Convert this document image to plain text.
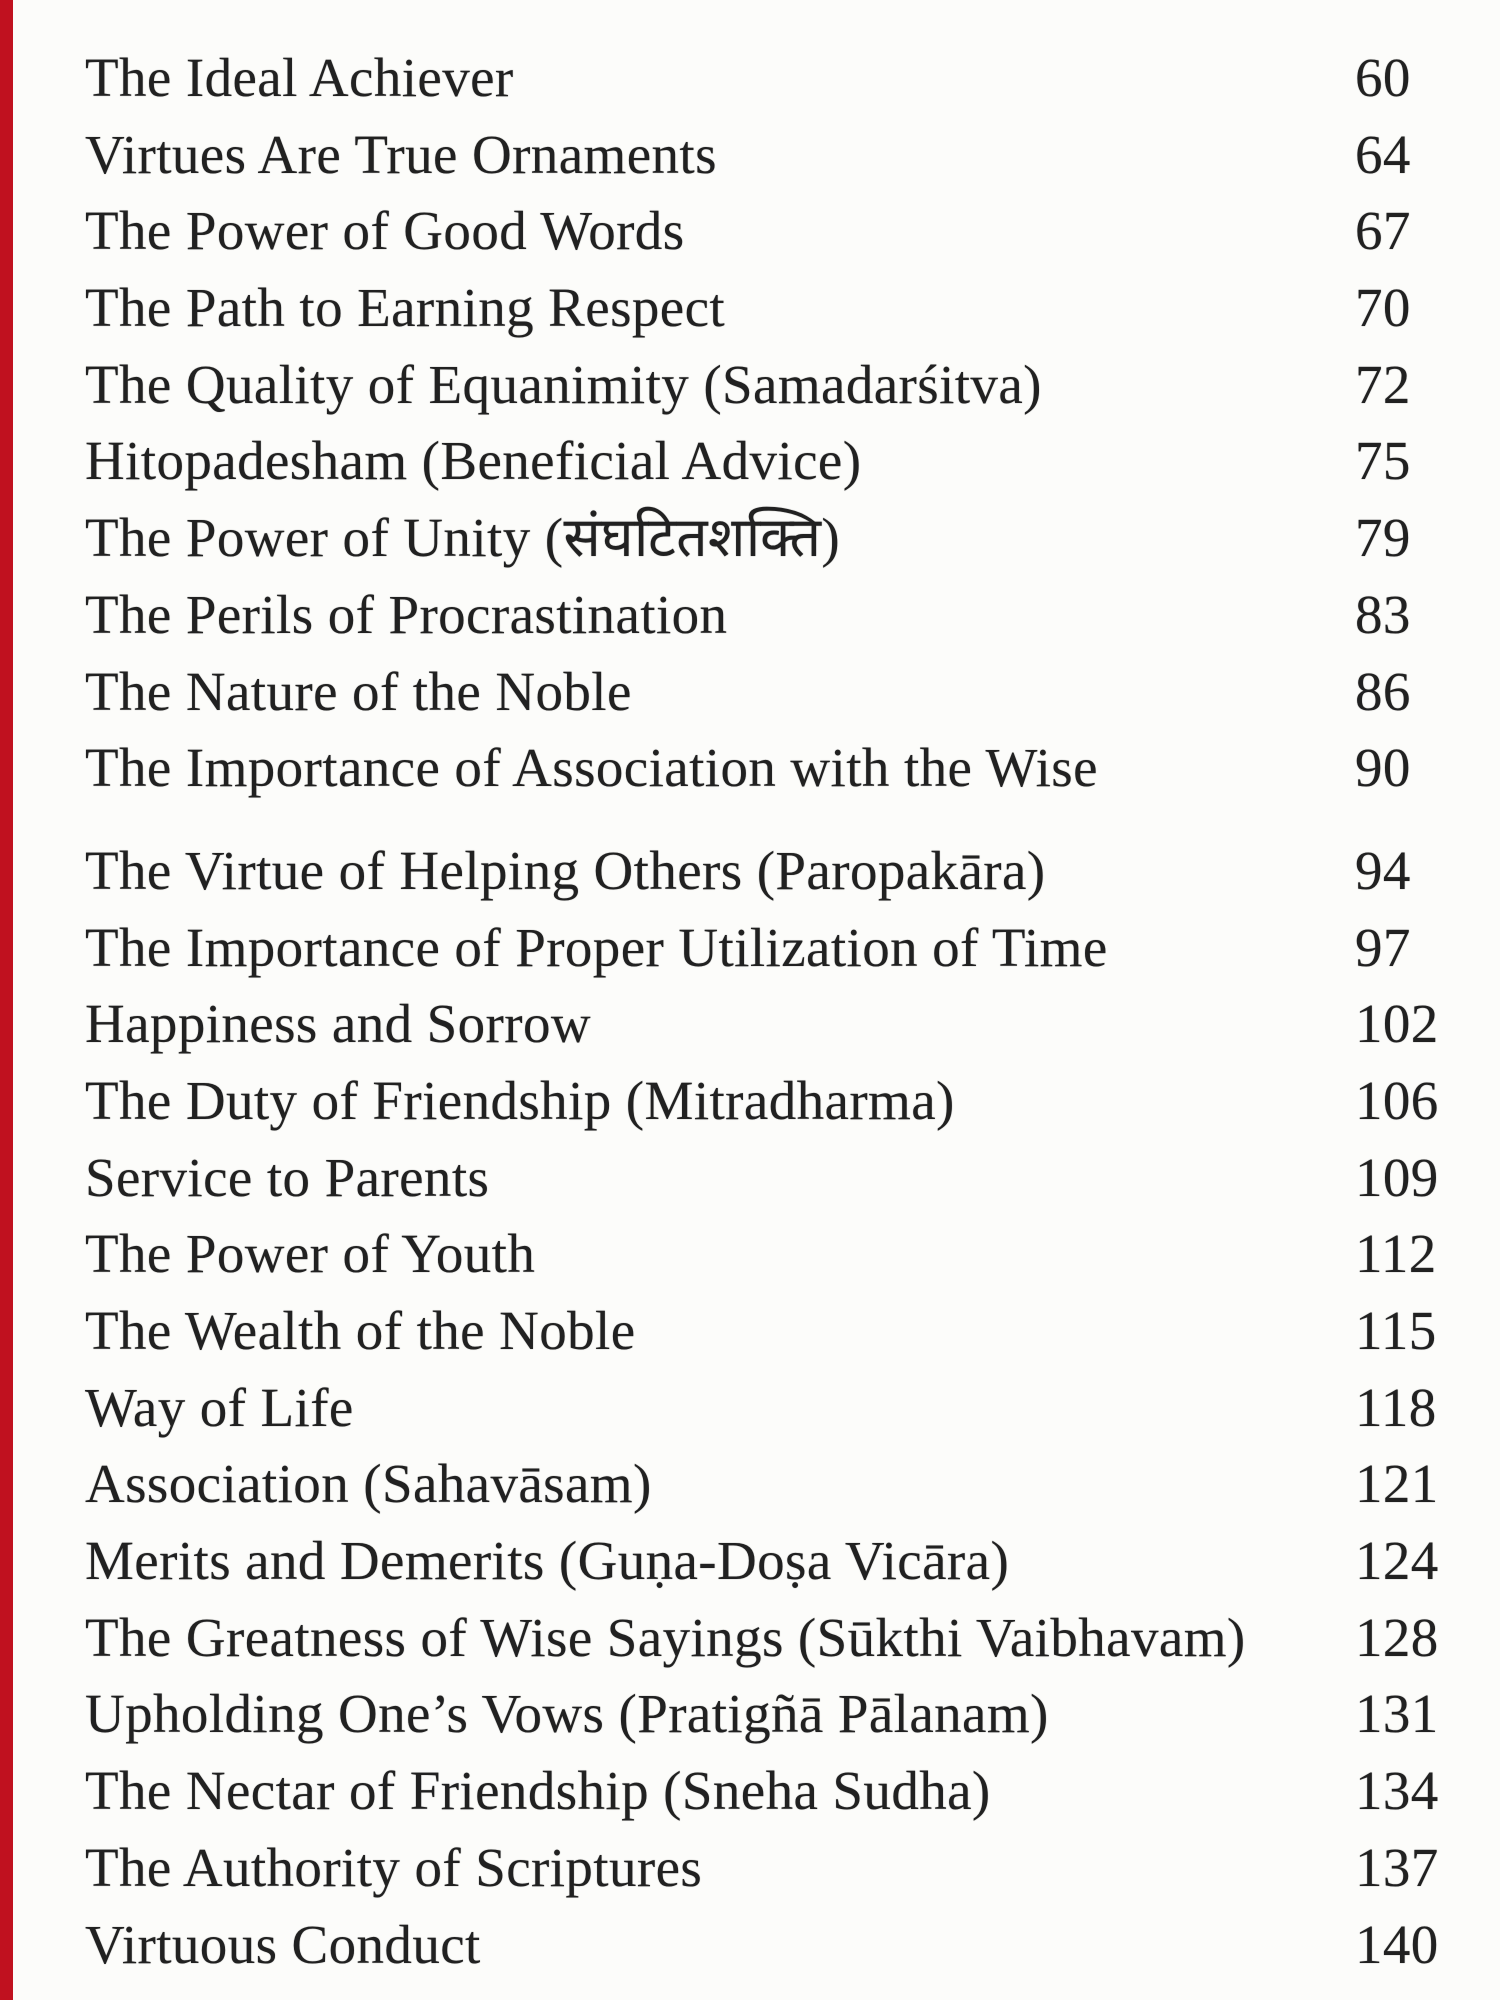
The Ideal Achiever	60
Virtues Are True Ornaments	64
The Power of Good Words	67
The Path to Earning Respect	70
The Quality of Equanimity (Samadarśitva)	72
Hitopadesham (Beneficial Advice)	75
The Power of Unity (संघटितशक्ति)	79
The Perils of Procrastination	83
The Nature of the Noble	86
The Importance of Association with the Wise	90
The Virtue of Helping Others (Paropakāra)	94
The Importance of Proper Utilization of Time	97
Happiness and Sorrow	102
The Duty of Friendship (Mitradharma)	106
Service to Parents	109
The Power of Youth	112
The Wealth of the Noble	115
Way of Life	118
Association (Sahavāsam)	121
Merits and Demerits (Guṇa-Doṣa Vicāra)	124
The Greatness of Wise Sayings (Sūkthi Vaibhavam)	128
Upholding One’s Vows (Pratigñā Pālanam)	131
The Nectar of Friendship (Sneha Sudha)	134
The Authority of Scriptures	137
Virtuous Conduct	140
